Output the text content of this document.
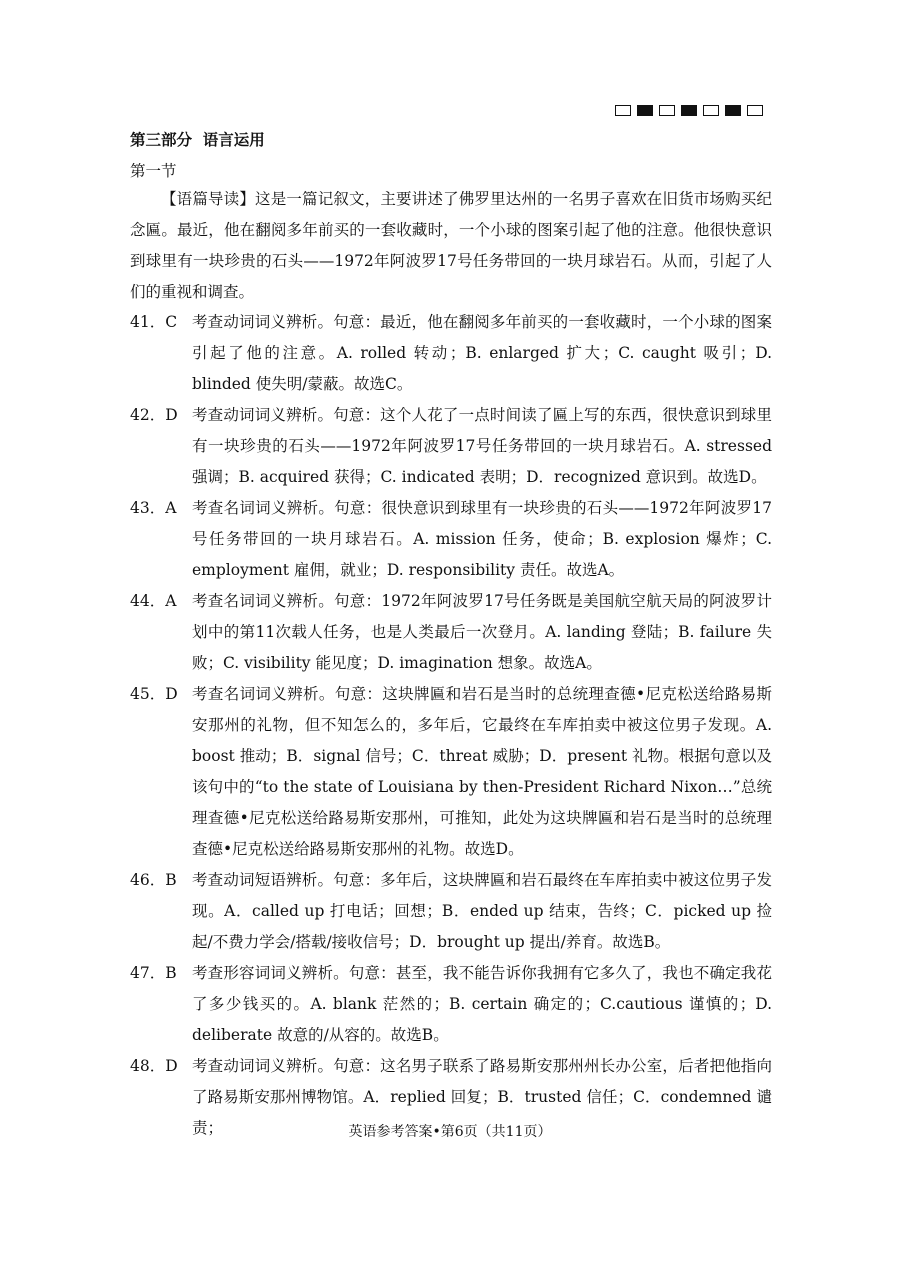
第三部分  语言运用
第一节

【语篇导读】这是一篇记叙文，主要讲述了佛罗里达州的一名男子喜欢在旧货市场购买纪念匾。最近，他在翻阅多年前买的一套收藏时，一个小球的图案引起了他的注意。他很快意识到球里有一块珍贵的石头——1972年阿波罗17号任务带回的一块月球岩石。从而，引起了人们的重视和调查。

41．C 考查动词词义辨析。句意：最近，他在翻阅多年前买的一套收藏时，一个小球的图案引起了他的注意。A. rolled 转动；B. enlarged 扩大；C. caught 吸引；D. blinded 使失明/蒙蔽。故选C。
42．D 考查动词词义辨析。句意：这个人花了一点时间读了匾上写的东西，很快意识到球里有一块珍贵的石头——1972年阿波罗17号任务带回的一块月球岩石。A. stressed 强调；B. acquired 获得；C. indicated 表明；D．recognized 意识到。故选D。
43．A	考查名词词义辨析。句意：很快意识到球里有一块珍贵的石头——1972年阿波罗17号任务带回的一块月球岩石。A. mission 任务，使命；B. explosion 爆炸；C. employment 雇佣，就业；D. responsibility 责任。故选A。
44．A	考查名词词义辨析。句意：1972年阿波罗17号任务既是美国航空航天局的阿波罗计划中的第11次载人任务，也是人类最后一次登月。A. landing 登陆；B. failure 失败；C. visibility 能见度；D. imagination 想象。故选A。
45．D 考查名词词义辨析。句意：这块牌匾和岩石是当时的总统理查德•尼克松送给路易斯安那州的礼物，但不知怎么的，多年后，它最终在车库拍卖中被这位男子发现。A. boost 推动；B．signal 信号；C．threat 威胁；D．present 礼物。根据句意以及该句中的“to the state of Louisiana by then-President Richard Nixon…”总统理查德•尼克松送给路易斯安那州，可推知，此处为这块牌匾和岩石是当时的总统理查德•尼克松送给路易斯安那州的礼物。故选D。
46．B 考查动词短语辨析。句意：多年后，这块牌匾和岩石最终在车库拍卖中被这位男子发现。A．called up 打电话；回想；B．ended up 结束，告终；C．picked up 捡起/不费力学会/搭载/接收信号；D．brought up 提出/养育。故选B。
47．B 考查形容词词义辨析。句意：甚至，我不能告诉你我拥有它多久了，我也不确定我花了多少钱买的。A. blank 茫然的；B. certain 确定的；C.cautious 谨慎的；D. deliberate 故意的/从容的。故选B。
48．D 考查动词词义辨析。句意：这名男子联系了路易斯安那州州长办公室，后者把他指向了路易斯安那州博物馆。A．replied 回复；B．trusted 信任；C．condemned 谴责；	英语参考答案•第6页（共11页）
